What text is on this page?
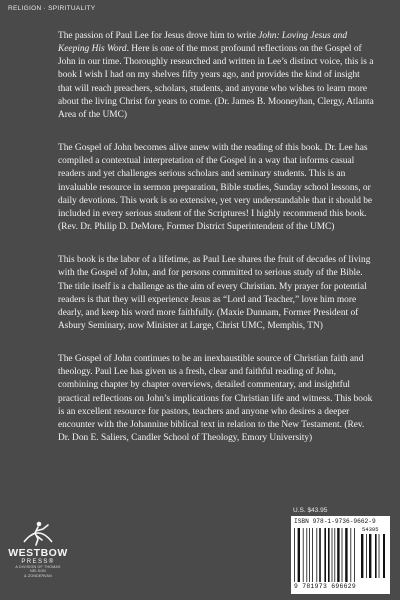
RELIGION · SPIRITUALITY

The passion of Paul Lee for Jesus drove him to write John: Loving Jesus and Keeping His Word. Here is one of the most profound reflections on the Gospel of John in our time. Thoroughly researched and written in Lee’s distinct voice, this is a book I wish I had on my shelves fifty years ago, and provides the kind of insight that will reach preachers, scholars, students, and anyone who wishes to learn more about the living Christ for years to come. (Dr. James B. Mooneyhan, Clergy, Atlanta Area of the UMC)

The Gospel of John becomes alive anew with the reading of this book. Dr. Lee has compiled a contextual interpretation of the Gospel in a way that informs casual readers and yet challenges serious scholars and seminary students. This is an invaluable resource in sermon preparation, Bible studies, Sunday school lessons, or daily devotions. This work is so extensive, yet very understandable that it should be included in every serious student of the Scriptures! I highly recommend this book. (Rev. Dr. Philip D. DeMore, Former District Superintendent of the UMC)

This book is the labor of a lifetime, as Paul Lee shares the fruit of decades of living with the Gospel of John, and for persons committed to serious study of the Bible. The title itself is a challenge as the aim of every Christian. My prayer for potential readers is that they will experience Jesus as “Lord and Teacher,” love him more dearly, and keep his word more faithfully. (Maxie Dunnam, Former President of Asbury Seminary, now Minister at Large, Christ UMC, Memphis, TN)

The Gospel of John continues to be an inexhaustible source of Christian faith and theology. Paul Lee has given us a fresh, clear and faithful reading of John, combining chapter by chapter overviews, detailed commentary, and insightful practical reflections on John’s implications for Christian life and witness. This book is an excellent resource for pastors, teachers and anyone who desires a deeper encounter with the Johannine biblical text in relation to the New Testament. (Rev. Dr. Don E. Saliers, Candler School of Theology, Emory University)

WESTBOW
PRESS®
A DIVISION OF THOMAS NELSON
& ZONDERVAN
U.S. $43.95
ISBN 978-1-9736-9662-9
54395
9 781973 696629
